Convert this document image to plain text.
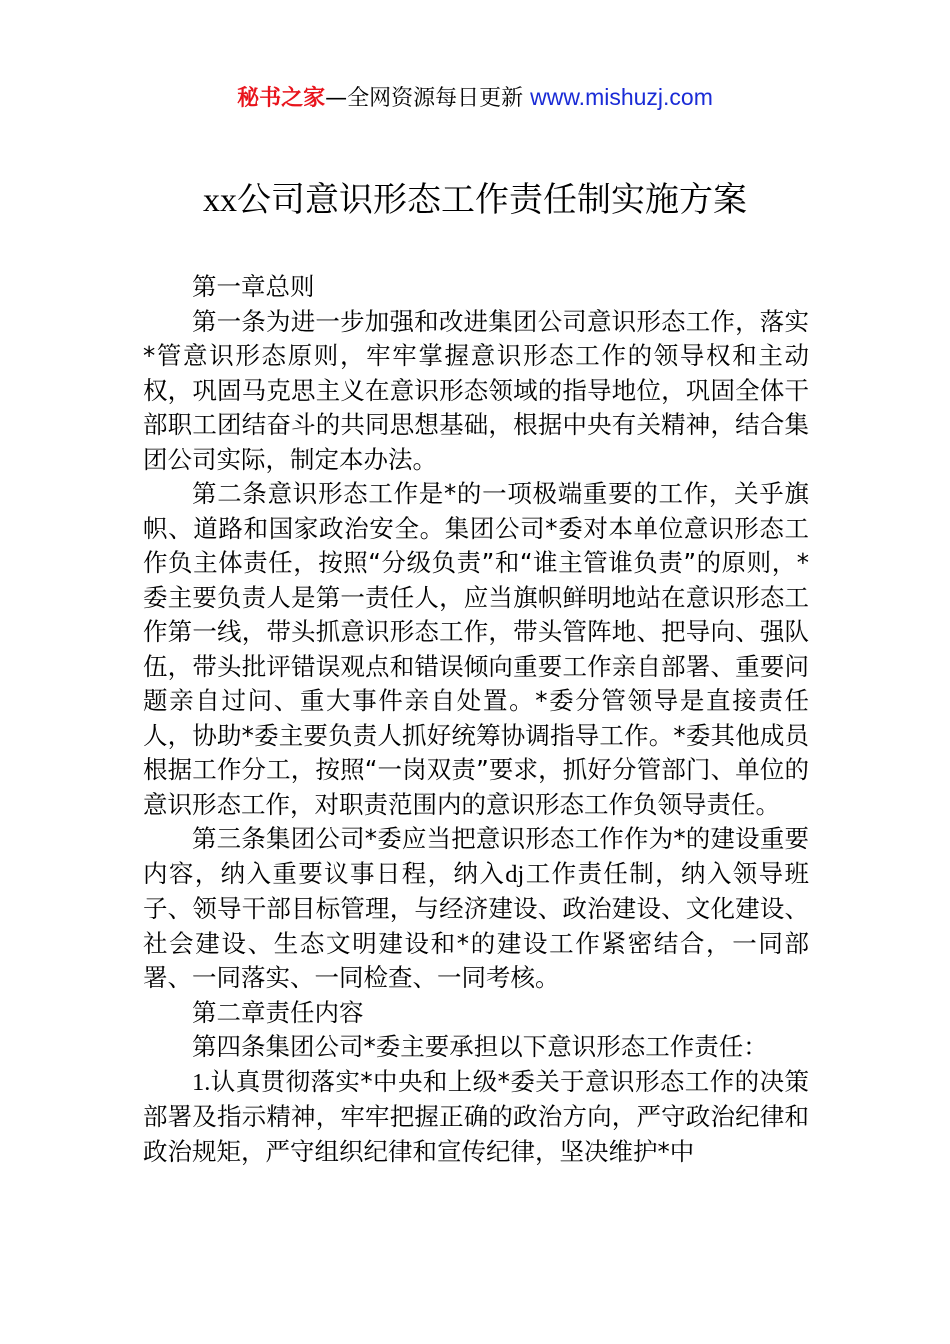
秘书之家—全网资源每日更新 www.mishuzj.com
xx公司意识形态工作责任制实施方案

第一章总则

第一条为进一步加强和改进集团公司意识形态工作，落实*管意识形态原则，牢牢掌握意识形态工作的领导权和主动权，巩固马克思主义在意识形态领域的指导地位，巩固全体干部职工团结奋斗的共同思想基础，根据中央有关精神，结合集团公司实际，制定本办法。

第二条意识形态工作是*的一项极端重要的工作，关乎旗帜、道路和国家政治安全。集团公司*委对本单位意识形态工作负主体责任，按照“分级负责”和“谁主管谁负责”的原则，*委主要负责人是第一责任人，应当旗帜鲜明地站在意识形态工作第一线，带头抓意识形态工作，带头管阵地、把导向、强队伍，带头批评错误观点和错误倾向重要工作亲自部署、重要问题亲自过问、重大事件亲自处置。*委分管领导是直接责任人，协助*委主要负责人抓好统筹协调指导工作。*委其他成员根据工作分工，按照“一岗双责”要求，抓好分管部门、单位的意识形态工作，对职责范围内的意识形态工作负领导责任。

第三条集团公司*委应当把意识形态工作作为*的建设重要内容，纳入重要议事日程，纳入dj工作责任制，纳入领导班子、领导干部目标管理，与经济建设、政治建设、文化建设、社会建设、生态文明建设和*的建设工作紧密结合，一同部署、一同落实、一同检查、一同考核。

第二章责任内容

第四条集团公司*委主要承担以下意识形态工作责任：

1.认真贯彻落实*中央和上级*委关于意识形态工作的决策部署及指示精神，牢牢把握正确的政治方向，严守政治纪律和政治规矩，严守组织纪律和宣传纪律，坚决维护*中
